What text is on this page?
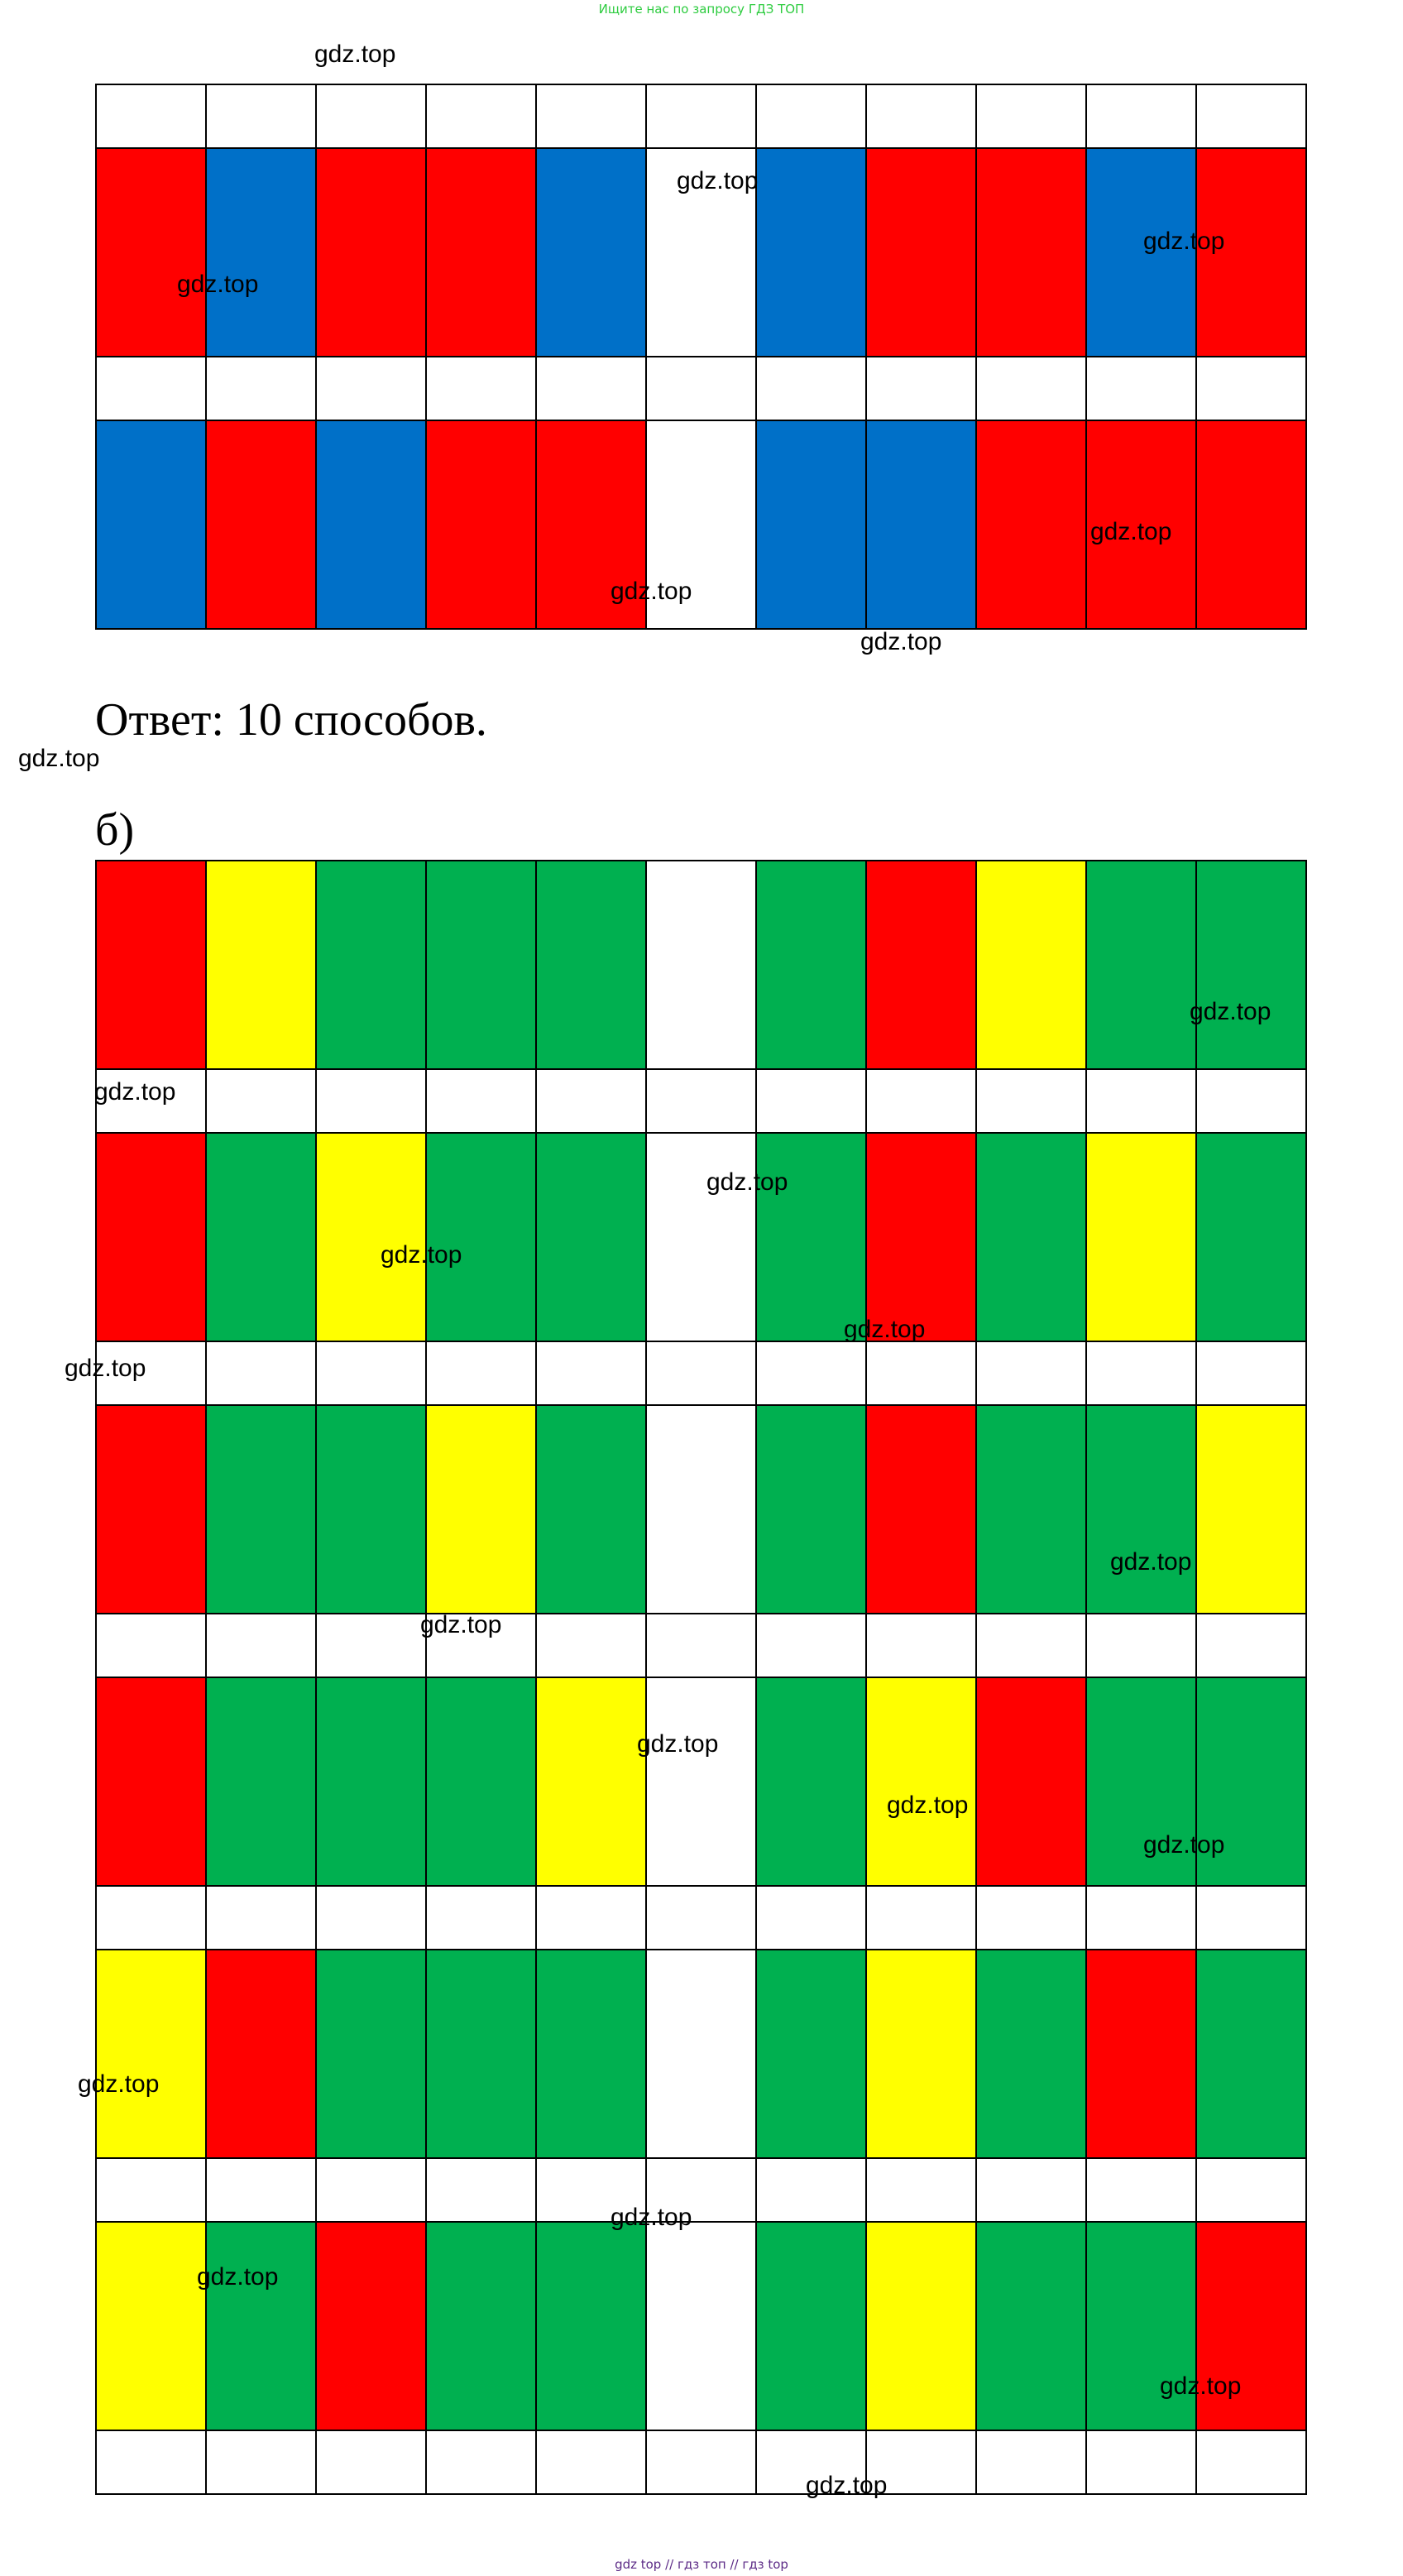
Ищите нас по запросу ГДЗ ТОП

Ответ: 10 способов.
б)

gdz top // гдз топ // гдз top
gdz.top
gdz.top
gdz.top
gdz.top
gdz.top
gdz.top
gdz.top
gdz.top
gdz.top
gdz.top
gdz.top
gdz.top
gdz.top
gdz.top
gdz.top
gdz.top
gdz.top
gdz.top
gdz.top
gdz.top
gdz.top
gdz.top
gdz.top
gdz.top
